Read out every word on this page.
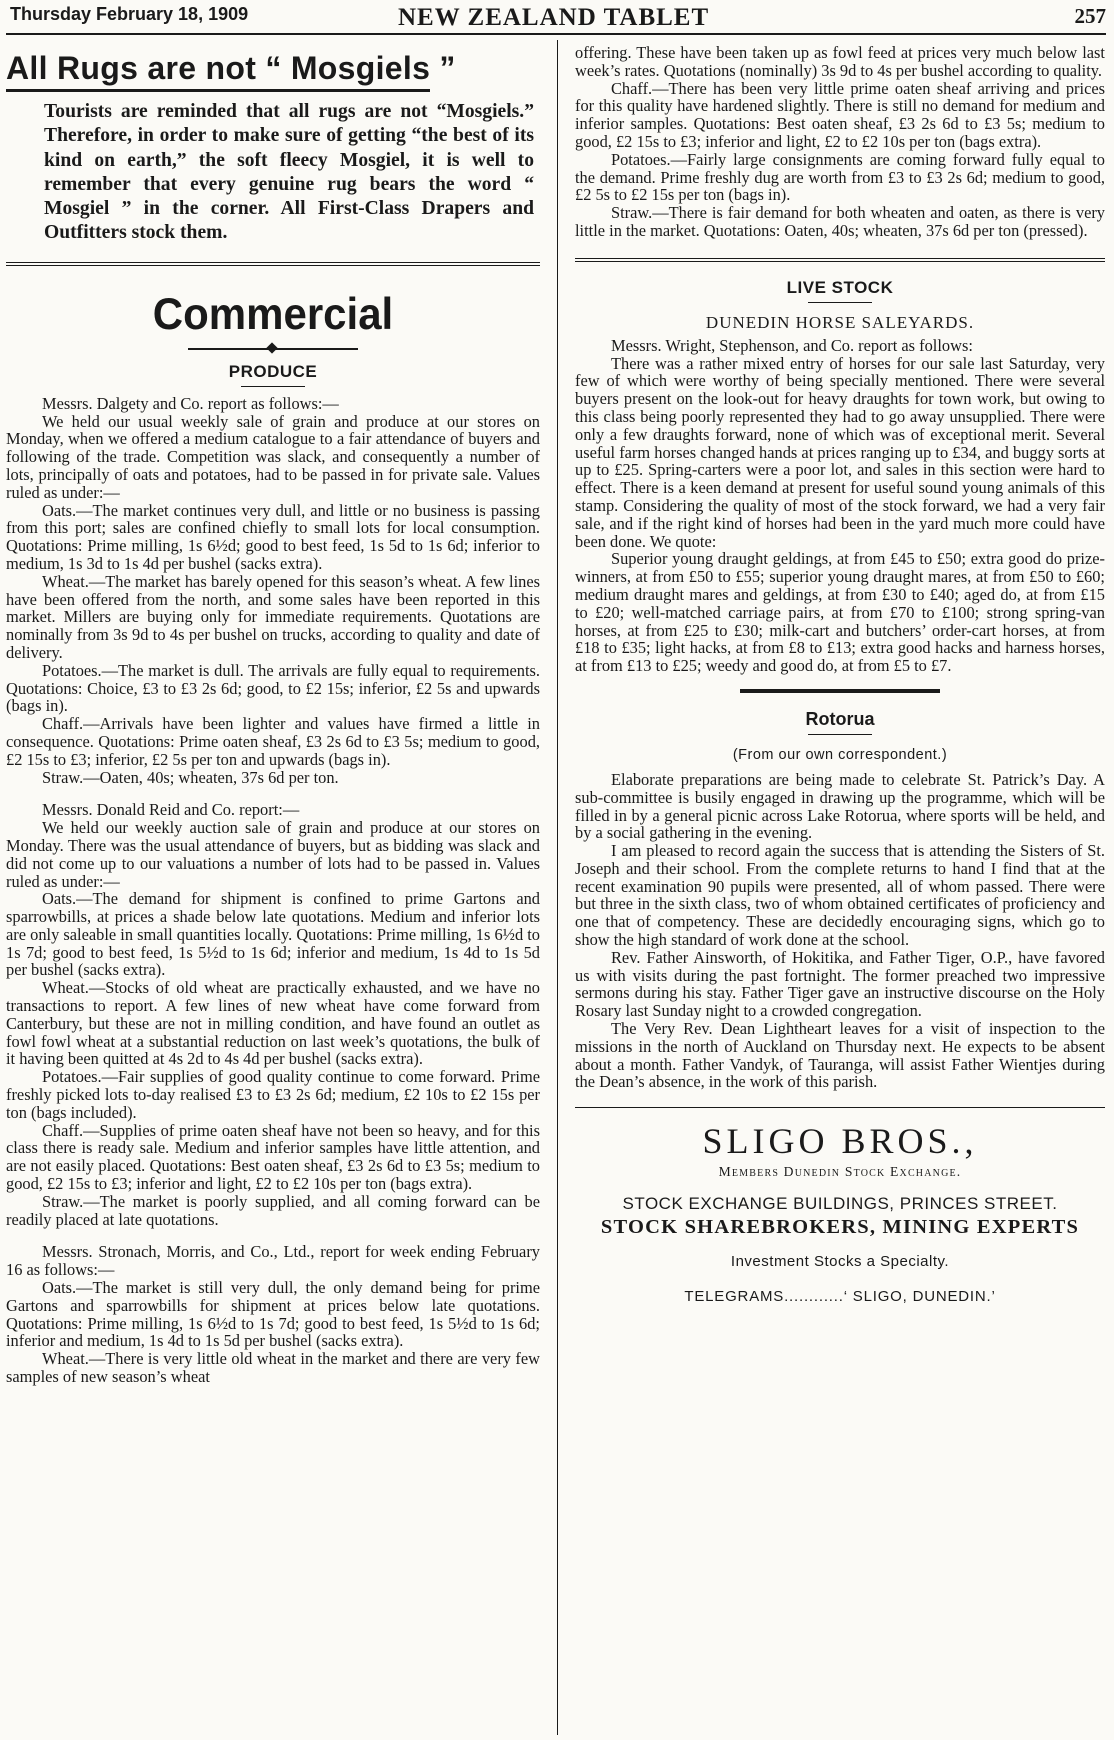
Thursday February 18, 1909	NEW ZEALAND TABLET	257
All Rugs are not “ Mosgiels ”

Tourists are reminded that all rugs are not “Mosgiels.” Therefore, in order to make sure of getting “the best of its kind on earth,” the soft fleecy Mosgiel, it is well to remember that every genuine rug bears the word “ Mosgiel ” in the corner. All First-Class Drapers and Outfitters stock them.

Commercial
PRODUCE

Messrs. Dalgety and Co. report as follows:—

We held our usual weekly sale of grain and produce at our stores on Monday, when we offered a medium catalogue to a fair attendance of buyers and following of the trade. Competition was slack, and consequently a number of lots, principally of oats and potatoes, had to be passed in for private sale. Values ruled as under:—

Oats.—The market continues very dull, and little or no business is passing from this port; sales are confined chiefly to small lots for local consumption. Quotations: Prime milling, 1s 6½d; good to best feed, 1s 5d to 1s 6d; inferior to medium, 1s 3d to 1s 4d per bushel (sacks extra).

Wheat.—The market has barely opened for this season’s wheat. A few lines have been offered from the north, and some sales have been reported in this market. Millers are buying only for immediate requirements. Quotations are nominally from 3s 9d to 4s per bushel on trucks, according to quality and date of delivery.

Potatoes.—The market is dull. The arrivals are fully equal to requirements. Quotations: Choice, £3 to £3 2s 6d; good, to £2 15s; inferior, £2 5s and upwards (bags in).

Chaff.—Arrivals have been lighter and values have firmed a little in consequence. Quotations: Prime oaten sheaf, £3 2s 6d to £3 5s; medium to good, £2 15s to £3; inferior, £2 5s per ton and upwards (bags in).

Straw.—Oaten, 40s; wheaten, 37s 6d per ton.

Messrs. Donald Reid and Co. report:—

We held our weekly auction sale of grain and produce at our stores on Monday. There was the usual attendance of buyers, but as bidding was slack and did not come up to our valuations a number of lots had to be passed in. Values ruled as under:—

Oats.—The demand for shipment is confined to prime Gartons and sparrowbills, at prices a shade below late quotations. Medium and inferior lots are only saleable in small quantities locally. Quotations: Prime milling, 1s 6½d to 1s 7d; good to best feed, 1s 5½d to 1s 6d; inferior and medium, 1s 4d to 1s 5d per bushel (sacks extra).

Wheat.—Stocks of old wheat are practically exhausted, and we have no transactions to report. A few lines of new wheat have come forward from Canterbury, but these are not in milling condition, and have found an outlet as fowl fowl wheat at a substantial reduction on last week’s quotations, the bulk of it having been quitted at 4s 2d to 4s 4d per bushel (sacks extra).

Potatoes.—Fair supplies of good quality continue to come forward. Prime freshly picked lots to-day realised £3 to £3 2s 6d; medium, £2 10s to £2 15s per ton (bags included).

Chaff.—Supplies of prime oaten sheaf have not been so heavy, and for this class there is ready sale. Medium and inferior samples have little attention, and are not easily placed. Quotations: Best oaten sheaf, £3 2s 6d to £3 5s; medium to good, £2 15s to £3; inferior and light, £2 to £2 10s per ton (bags extra).

Straw.—The market is poorly supplied, and all coming forward can be readily placed at late quotations.

Messrs. Stronach, Morris, and Co., Ltd., report for week ending February 16 as follows:—

Oats.—The market is still very dull, the only demand being for prime Gartons and sparrowbills for shipment at prices below late quotations. Quotations: Prime milling, 1s 6½d to 1s 7d; good to best feed, 1s 5½d to 1s 6d; inferior and medium, 1s 4d to 1s 5d per bushel (sacks extra).

Wheat.—There is very little old wheat in the market and there are very few samples of new season’s wheat

offering. These have been taken up as fowl feed at prices very much below last week’s rates. Quotations (nominally) 3s 9d to 4s per bushel according to quality.

Chaff.—There has been very little prime oaten sheaf arriving and prices for this quality have hardened slightly. There is still no demand for medium and inferior samples. Quotations: Best oaten sheaf, £3 2s 6d to £3 5s; medium to good, £2 15s to £3; inferior and light, £2 to £2 10s per ton (bags extra).

Potatoes.—Fairly large consignments are coming forward fully equal to the demand. Prime freshly dug are worth from £3 to £3 2s 6d; medium to good, £2 5s to £2 15s per ton (bags in).

Straw.—There is fair demand for both wheaten and oaten, as there is very little in the market. Quotations: Oaten, 40s; wheaten, 37s 6d per ton (pressed).

LIVE STOCK
DUNEDIN HORSE SALEYARDS.

Messrs. Wright, Stephenson, and Co. report as follows:

There was a rather mixed entry of horses for our sale last Saturday, very few of which were worthy of being specially mentioned. There were several buyers present on the look-out for heavy draughts for town work, but owing to this class being poorly represented they had to go away unsupplied. There were only a few draughts forward, none of which was of exceptional merit. Several useful farm horses changed hands at prices ranging up to £34, and buggy sorts at up to £25. Spring-carters were a poor lot, and sales in this section were hard to effect. There is a keen demand at present for useful sound young animals of this stamp. Considering the quality of most of the stock forward, we had a very fair sale, and if the right kind of horses had been in the yard much more could have been done. We quote:

Superior young draught geldings, at from £45 to £50; extra good do prize-winners, at from £50 to £55; superior young draught mares, at from £50 to £60; medium draught mares and geldings, at from £30 to £40; aged do, at from £15 to £20; well-matched carriage pairs, at from £70 to £100; strong spring-van horses, at from £25 to £30; milk-cart and butchers’ order-cart horses, at from £18 to £35; light hacks, at from £8 to £13; extra good hacks and harness horses, at from £13 to £25; weedy and good do, at from £5 to £7.

Rotorua
(From our own correspondent.)

Elaborate preparations are being made to celebrate St. Patrick’s Day. A sub-committee is busily engaged in drawing up the programme, which will be filled in by a general picnic across Lake Rotorua, where sports will be held, and by a social gathering in the evening.

I am pleased to record again the success that is attending the Sisters of St. Joseph and their school. From the complete returns to hand I find that at the recent examination 90 pupils were presented, all of whom passed. There were but three in the sixth class, two of whom obtained certificates of proficiency and one that of competency. These are decidedly encouraging signs, which go to show the high standard of work done at the school.

Rev. Father Ainsworth, of Hokitika, and Father Tiger, O.P., have favored us with visits during the past fortnight. The former preached two impressive sermons during his stay. Father Tiger gave an instructive discourse on the Holy Rosary last Sunday night to a crowded congregation.

The Very Rev. Dean Lightheart leaves for a visit of inspection to the missions in the north of Auckland on Thursday next. He expects to be absent about a month. Father Vandyk, of Tauranga, will assist Father Wientjes during the Dean’s absence, in the work of this parish.

SLIGO BROS.,
Members Dunedin Stock Exchange.
STOCK EXCHANGE BUILDINGS, PRINCES STREET.
STOCK SHAREBROKERS, MINING EXPERTS
Investment Stocks a Specialty.
TELEGRAMS............‘ SLIGO, DUNEDIN.’
